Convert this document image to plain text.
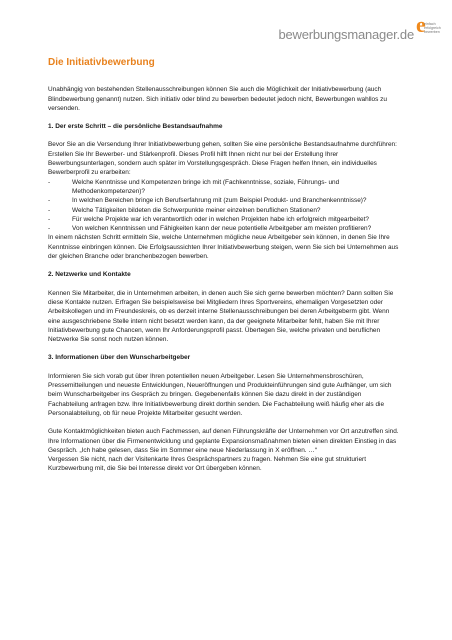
bewerbungsmanager.de e
einfach erfolgreich bewerben
Die Initiativbewerbung

Unabhängig von bestehenden Stellenausschreibungen können Sie auch die Möglichkeit der Initiativbewerbung (auch Blindbewerbung genannt) nutzen. Sich initiativ oder blind zu bewerben bedeutet jedoch nicht, Bewerbungen wahllos zu versenden.

1. Der erste Schritt – die persönliche Bestandsaufnahme

Bevor Sie an die Versendung Ihrer Initiativbewerbung gehen, sollten Sie eine persönliche Bestandsaufnahme durchführen: Erstellen Sie Ihr Bewerber- und Stärkenprofil. Dieses Profil hilft Ihnen nicht nur bei der Erstellung Ihrer Bewerbungsunterlagen, sondern auch später im Vorstellungsgespräch. Diese Fragen helfen Ihnen, ein individuelles Bewerberprofil zu erarbeiten:

- Welche Kenntnisse und Kompetenzen bringe ich mit (Fachkenntnisse, soziale, Führungs- und Methodenkompetenzen)?
- In welchen Bereichen bringe ich Berufserfahrung mit (zum Beispiel Produkt- und Branchenkenntnisse)?
- Welche Tätigkeiten bildeten die Schwerpunkte meiner einzelnen beruflichen Stationen?
- Für welche Projekte war ich verantwortlich oder in welchen Projekten habe ich erfolgreich mitgearbeitet?
- Von welchen Kenntnissen und Fähigkeiten kann der neue potentielle Arbeitgeber am meisten profitieren?

In einem nächsten Schritt ermitteln Sie, welche Unternehmen mögliche neue Arbeitgeber sein können, in denen Sie Ihre Kenntnisse einbringen können. Die Erfolgsaussichten Ihrer Initiativbewerbung steigen, wenn Sie sich bei Unternehmen aus der gleichen Branche oder branchenbezogen bewerben.

2. Netzwerke und Kontakte

Kennen Sie Mitarbeiter, die in Unternehmen arbeiten, in denen auch Sie sich gerne bewerben möchten? Dann sollten Sie diese Kontakte nutzen. Erfragen Sie beispielsweise bei Mitgliedern Ihres Sportvereins, ehemaligen Vorgesetzten oder Arbeitskollegen und im Freundeskreis, ob es derzeit interne Stellenausschreibungen bei deren Arbeitgeberm gibt. Wenn eine ausgeschriebene Stelle intern nicht besetzt werden kann, da der geeignete Mitarbeiter fehlt, haben Sie mit Ihrer Initiativbewerbung gute Chancen, wenn Ihr Anforderungsprofil passt. Übertegen Sie, welche privaten und beruflichen Netzwerke Sie sonst noch nutzen können.

3. Informationen über den Wunscharbeitgeber

Informieren Sie sich vorab gut über Ihren potentiellen neuen Arbeitgeber. Lesen Sie Unternehmensbroschüren, Pressemitteilungen und neueste Entwicklungen, Neueröffnungen und Produkteinführungen sind gute Aufhänger, um sich beim Wunscharbeitgeber ins Gespräch zu bringen. Gegebenenfalls können Sie dazu direkt in der zuständigen Fachabteilung anfragen bzw. Ihre Initiativbewerbung direkt dorthin senden. Die Fachabteilung weiß häufig eher als die Personalabteilung, ob für neue Projekte Mitarbeiter gesucht werden.

Gute Kontaktmöglichkeiten bieten auch Fachmessen, auf denen Führungskräfte der Unternehmen vor Ort anzutreffen sind. Ihre Informationen über die Firmenentwicklung und geplante Expansionsmaßnahmen bieten einen direkten Einstieg in das Gespräch. „Ich habe gelesen, dass Sie im Sommer eine neue Niederlassung in X eröffnen. …“

Vergessen Sie nicht, nach der Visitenkarte Ihres Gesprächspartners zu fragen. Nehmen Sie eine gut strukturiert Kurzbewerbung mit, die Sie bei Interesse direkt vor Ort übergeben können.
